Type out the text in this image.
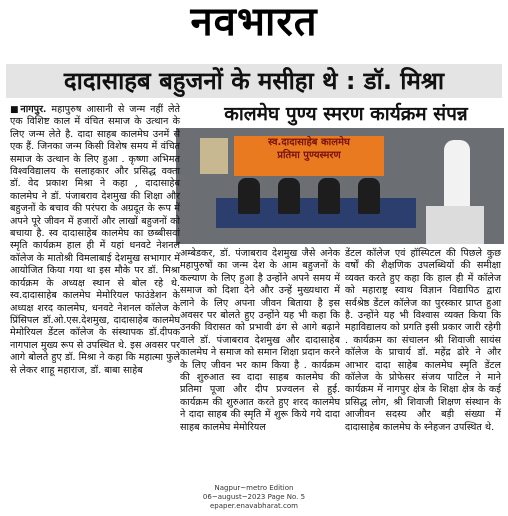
नवभारत
दादासाहब बहुजनों के मसीहा थे : डॉ. मिश्रा
कालमेघ पुण्य स्मरण कार्यक्रम संपन्न
स्व.दादासाहेब कालमेघ
प्रतिमा पुण्यस्मरण

■नागपुर. महापुरुष आसानी से जन्म नहीं लेते एक विशिष्ट काल में वंचित समाज के उत्थान के लिए जन्म लेते है. दादा साहब कालमेघ उनमें से एक हैं. जिनका जन्म किसी विशेष समय में वंचित समाज के उत्थान के लिए हुआ . कृष्णा अभिमत विश्वविद्यालय के सलाहकार और प्रसिद्ध वक्ता डॉ. वेद प्रकाश मिश्रा ने कहा , दादासाहेब कालमेघ ने डॉ. पंजाबराव देशमुख की शिक्षा और बहुजनों के बचाव की परंपरा के अग्रदूत के रूप में अपने पूरे जीवन में हजारों और लाखों बहुजनों को बचाया है. स्व दादासाहेब कालमेघ का छब्बीसवां स्मृति कार्यक्रम हाल ही में यहां धनवटे नेशनल कॉलेज के मातोश्री विमलाबाई देशमुख सभागार में आयोजित किया गया था इस मौके पर डॉ. मिश्रा कार्यक्रम के अध्यक्ष स्थान से बोल रहे थे. स्व.दादासाहेब कालमेघ मेमोरियल फाउंडेशन के अध्यक्ष शरद कालमेघ, धनवटे नेशनल कॉलेज के प्रिंसिपल डॉ.ओ.एस.देशमुख, दादासाहेब कालमेघ मेमोरियल डेंटल कॉलेज के संस्थापक डॉ.दीपक नागपाल मुख्य रूप से उपस्थित थे. इस अवसर पर आगे बोलते हुए डॉ. मिश्रा ने कहा कि महात्मा फुले से लेकर शाहू महाराज, डॉ. बाबा साहेब

अम्बेडकर, डॉ. पंजाबराव देशमुख जैसे अनेक महापुरुषों का जन्म देश के आम बहुजनों के कल्याण के लिए हुआ है उन्होंने अपने समय में समाज को दिशा देने और उन्हें मुख्यधारा में लाने के लिए अपना जीवन बिताया है इस अवसर पर बोलते हुए उन्होंने यह भी कहा कि उनकी विरासत को प्रभावी ढंग से आगे बढ़ाने वाले डॉ. पंजाबराव देशमुख और दादासाहेब कालमेघ ने समाज को समान शिक्षा प्रदान करने के लिए जीवन भर काम किया है . कार्यक्रम की शुरुआत स्व दादा साहब कालमेघ की प्रतिमा पूजा और दीप प्रज्वलन से हुई. कार्यक्रम की शुरुआत करते हुए शरद कालमेघ ने दादा साहब की स्मृति में शुरू किये गये दादा साहब कालमेघ मेमोरियल

डेंटल कॉलेज एवं हॉस्पिटल की पिछले कुछ वर्षों की शैक्षणिक उपलब्धियों की समीक्षा व्यक्त करते हुए कहा कि हाल ही में कॉलेज को महाराष्ट्र स्वाथ विज्ञान विद्यापिठ द्वारा सर्वश्रेष्ठ डेंटल कॉलेज का पुरस्कार प्राप्त हुआ है. उन्होंने यह भी विश्वास व्यक्त किया कि महाविद्यालय को प्रगति इसी प्रकार जारी रहेगी . कार्यक्रम का संचालन श्री शिवाजी सायंस कॉलेज के प्राचार्य डॉ. महेंद्र ढोरे ने और आभार दादा साहेब कालमेघ स्मृति डेंटल कॉलेज के प्रोफेसर संजय पाटिल ने माने कार्यक्रम में नागपुर क्षेत्र के शिक्षा क्षेत्र के कई प्रसिद्ध लोग, श्री शिवाजी शिक्षण संस्थान के आजीवन सदस्य और बड़ी संख्या में दादासाहेब कालमेघ के स्नेहजन उपस्थित थे.

Nagpur~metro Edition
06~august~2023 Page No. 5
epaper.enavabharat.com
